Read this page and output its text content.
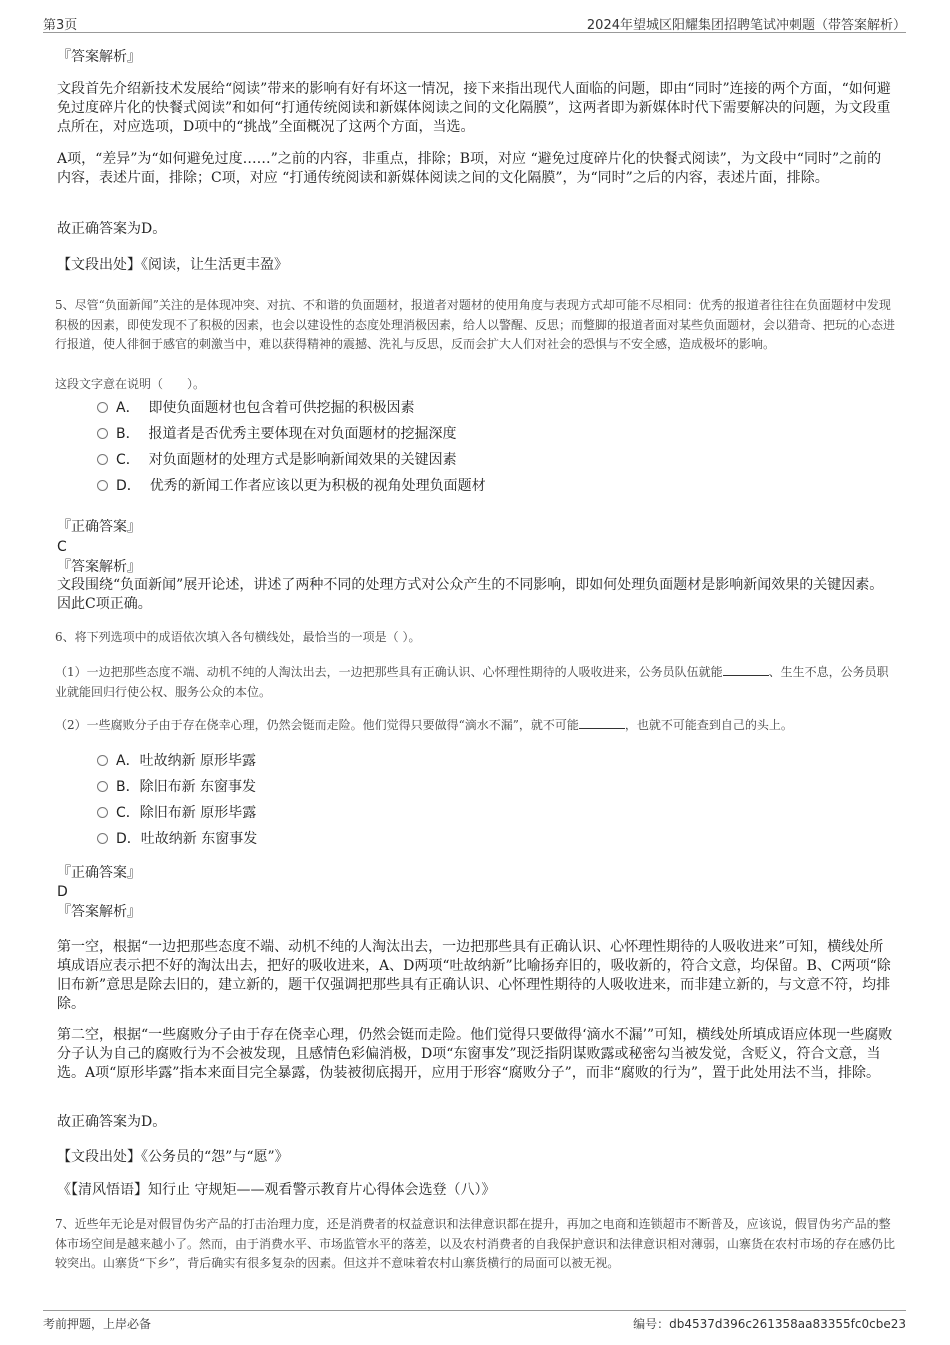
第3页	2024年望城区阳耀集团招聘笔试冲刺题（带答案解析）
『答案解析』
文段首先介绍新技术发展给“阅读”带来的影响有好有坏这一情况，接下来指出现代人面临的问题，即由“同时”连接的两个方面，“如何避免过度碎片化的快餐式阅读”和如何“打通传统阅读和新媒体阅读之间的文化隔膜”，这两者即为新媒体时代下需要解决的问题，为文段重点所在，对应选项，D项中的“挑战”全面概况了这两个方面，当选。
A项，“差异”为“如何避免过度……”之前的内容，非重点，排除；B项，对应 “避免过度碎片化的快餐式阅读”，为文段中“同时”之前的内容，表述片面，排除；C项，对应 “打通传统阅读和新媒体阅读之间的文化隔膜”，为“同时”之后的内容，表述片面，排除。
故正确答案为D。
【文段出处】《阅读，让生活更丰盈》
5、尽管“负面新闻”关注的是体现冲突、对抗、不和谐的负面题材，报道者对题材的使用角度与表现方式却可能不尽相同：优秀的报道者往往在负面题材中发现积极的因素，即使发现不了积极的因素，也会以建设性的态度处理消极因素，给人以警醒、反思；而蹩脚的报道者面对某些负面题材，会以猎奇、把玩的心态进行报道，使人徘徊于感官的刺激当中，难以获得精神的震撼、洗礼与反思，反而会扩大人们对社会的恐惧与不安全感，造成极坏的影响。
这段文字意在说明（　　）。
A． 即使负面题材也包含着可供挖掘的积极因素
B． 报道者是否优秀主要体现在对负面题材的挖掘深度
C． 对负面题材的处理方式是影响新闻效果的关键因素
D． 优秀的新闻工作者应该以更为积极的视角处理负面题材
『正确答案』
C
『答案解析』
文段围绕“负面新闻”展开论述，讲述了两种不同的处理方式对公众产生的不同影响，即如何处理负面题材是影响新闻效果的关键因素。因此C项正确。
6、将下列选项中的成语依次填入各句横线处，最恰当的一项是（ ）。
（1）一边把那些态度不端、动机不纯的人淘汰出去，一边把那些具有正确认识、心怀理性期待的人吸收进来，公务员队伍就能	、生生不息，公务员职业就能回归行使公权、服务公众的本位。
（2）一些腐败分子由于存在侥幸心理，仍然会铤而走险。他们觉得只要做得“滴水不漏”，就不可能	，也就不可能查到自己的头上。
A．吐故纳新 原形毕露
B．除旧布新 东窗事发
C．除旧布新 原形毕露
D．吐故纳新 东窗事发
『正确答案』
D
『答案解析』
第一空，根据“一边把那些态度不端、动机不纯的人淘汰出去，一边把那些具有正确认识、心怀理性期待的人吸收进来”可知，横线处所填成语应表示把不好的淘汰出去，把好的吸收进来，A、D两项“吐故纳新”比喻扬弃旧的，吸收新的，符合文意，均保留。B、C两项“除旧布新”意思是除去旧的，建立新的，题干仅强调把那些具有正确认识、心怀理性期待的人吸收进来，而非建立新的，与文意不符，均排除。
第二空，根据“一些腐败分子由于存在侥幸心理，仍然会铤而走险。他们觉得只要做得‘滴水不漏’”可知，横线处所填成语应体现一些腐败分子认为自己的腐败行为不会被发现，且感情色彩偏消极，D项“东窗事发”现泛指阴谋败露或秘密勾当被发觉，含贬义，符合文意，当选。A项“原形毕露”指本来面目完全暴露，伪装被彻底揭开，应用于形容“腐败分子”，而非“腐败的行为”，置于此处用法不当，排除。
故正确答案为D。
【文段出处】《公务员的“怨”与“愿”》
《【清风悟语】知行止 守规矩——观看警示教育片心得体会选登（八）》
7、近些年无论是对假冒伪劣产品的打击治理力度，还是消费者的权益意识和法律意识都在提升，再加之电商和连锁超市不断普及，应该说，假冒伪劣产品的整体市场空间是越来越小了。然而，由于消费水平、市场监管水平的落差，以及农村消费者的自我保护意识和法律意识相对薄弱，山寨货在农村市场的存在感仍比较突出。山寨货“下乡”，背后确实有很多复杂的因素。但这并不意味着农村山寨货横行的局面可以被无视。
考前押题，上岸必备	编号：db4537d396c261358aa83355fc0cbe23
